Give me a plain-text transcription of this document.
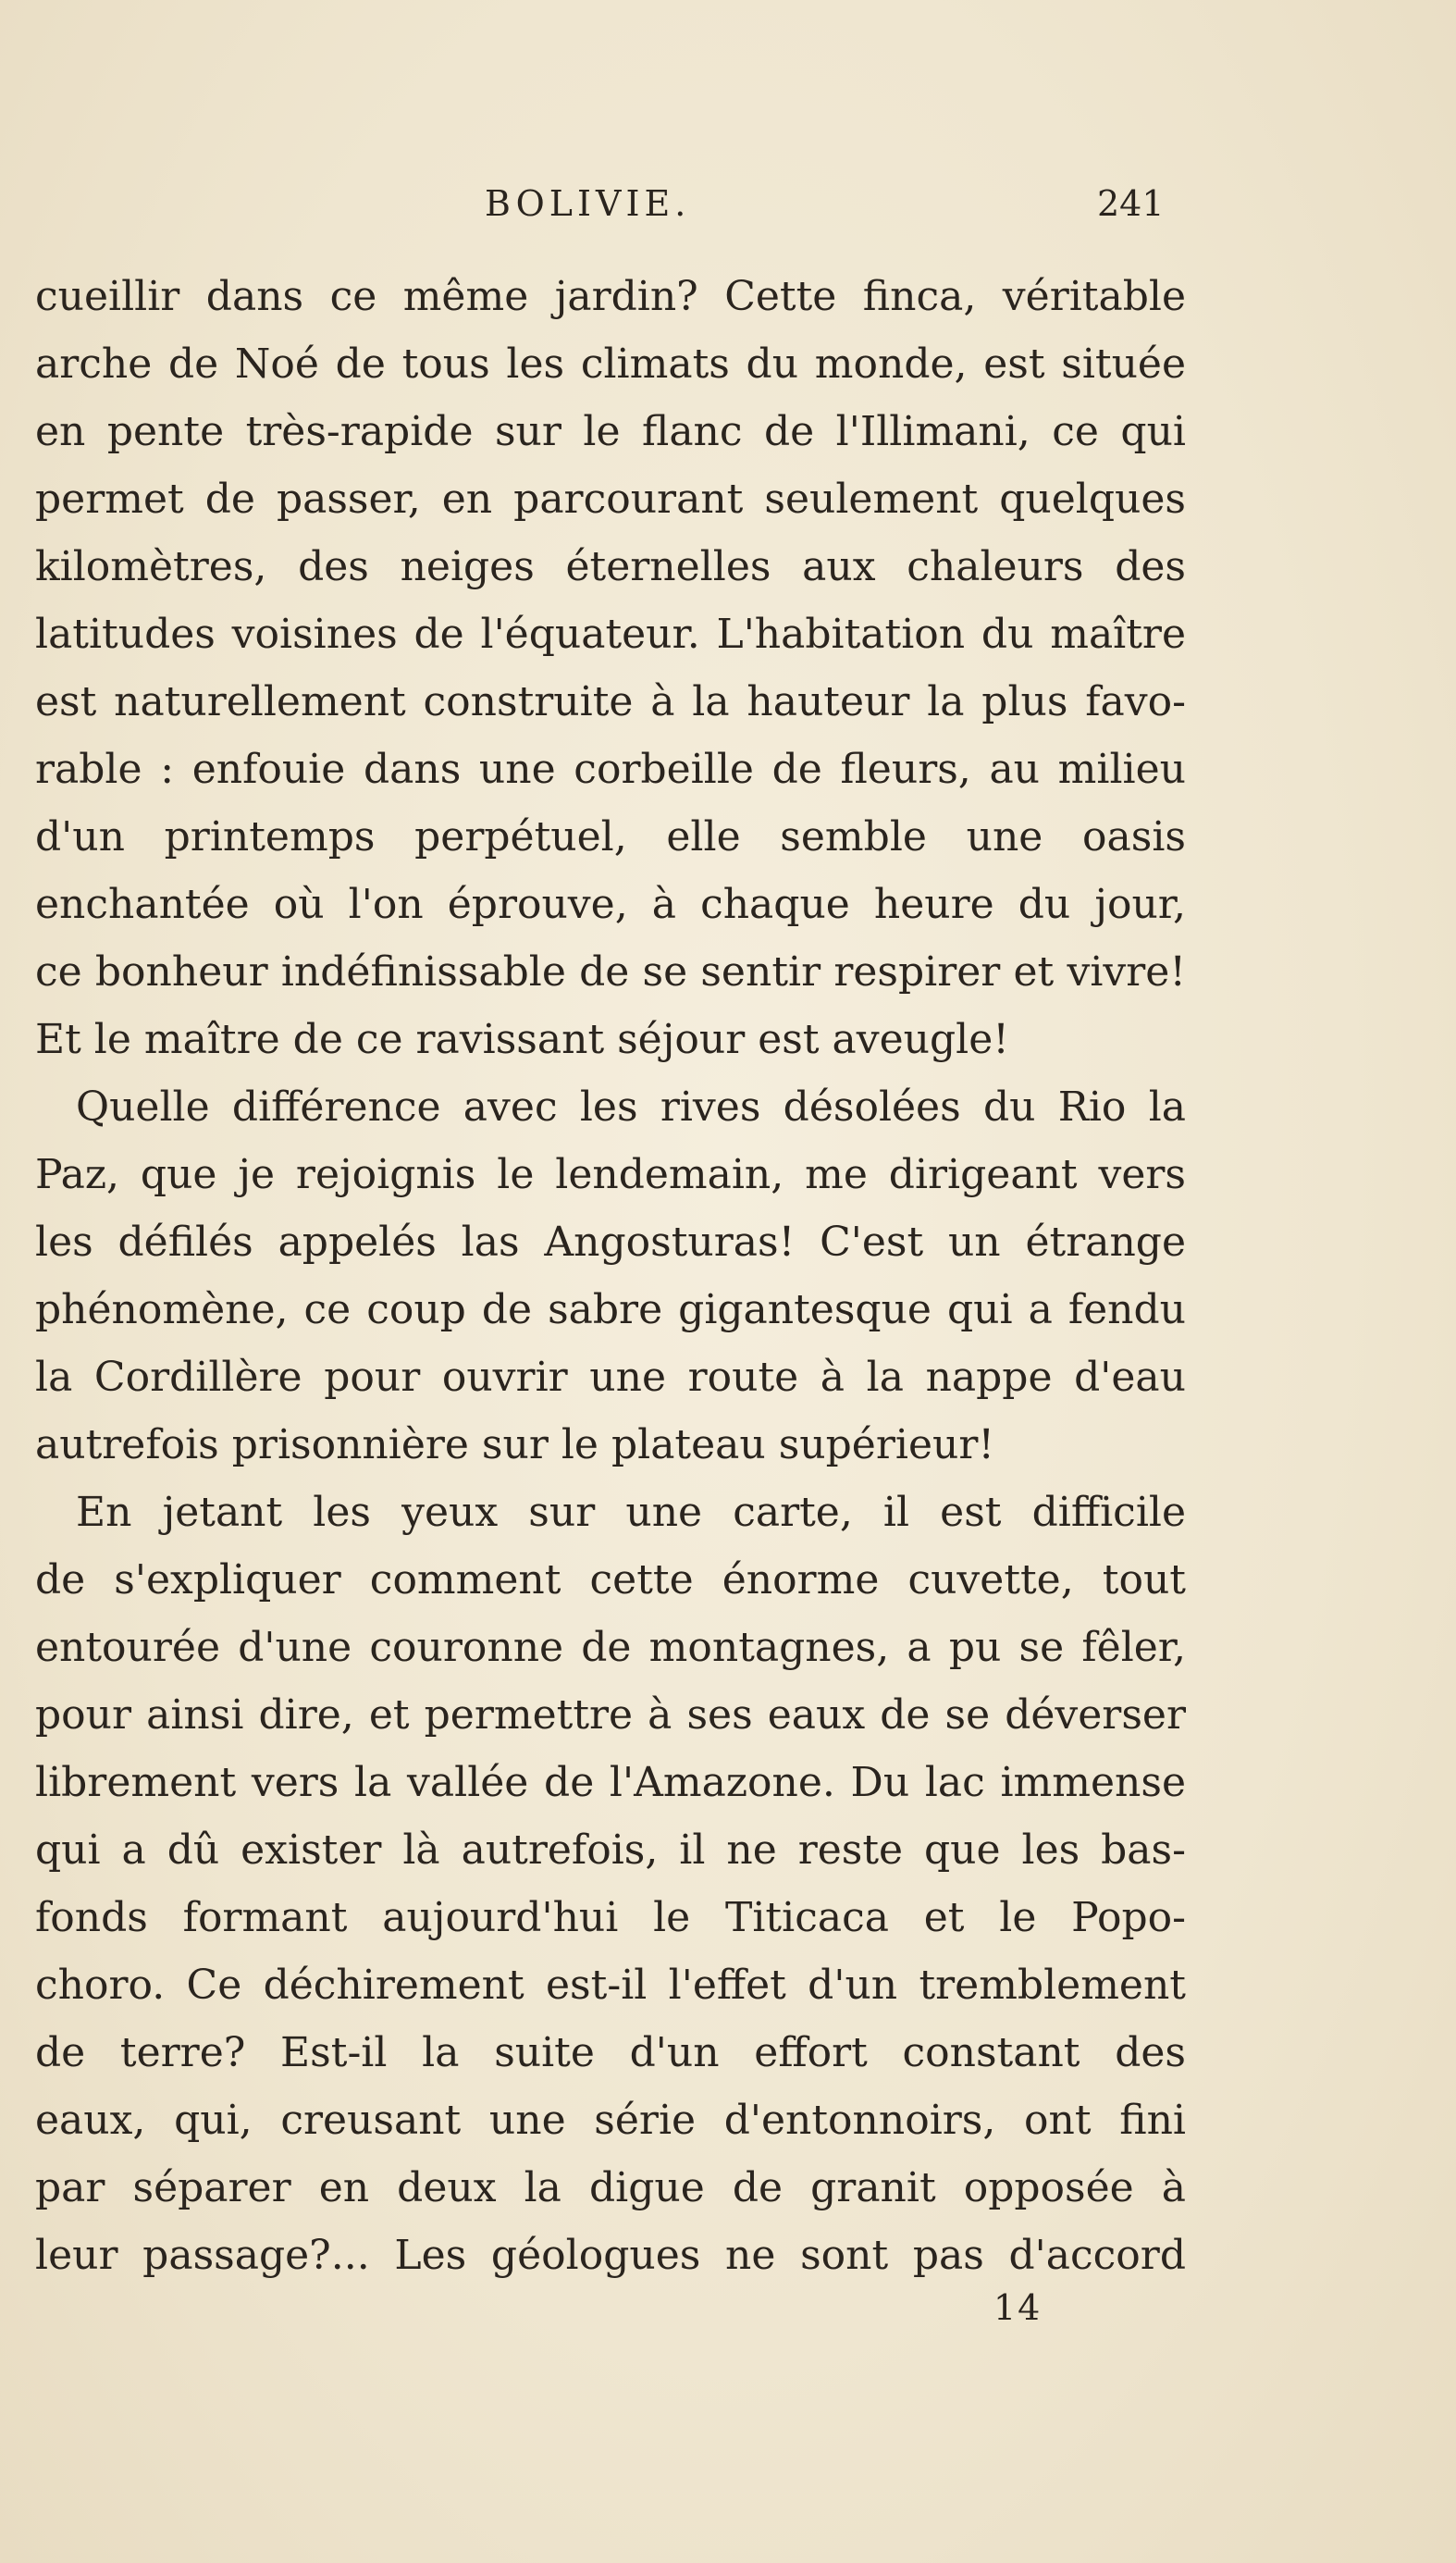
BOLIVIE.	241
cueillir dans ce même jardin? Cette finca, véritable
arche de Noé de tous les climats du monde, est située
en pente très-rapide sur le flanc de l'Illimani, ce qui
permet de passer, en parcourant seulement quelques
kilomètres, des neiges éternelles aux chaleurs des
latitudes voisines de l'équateur. L'habitation du maître
est naturellement construite à la hauteur la plus favo-
rable : enfouie dans une corbeille de fleurs, au milieu
d'un printemps perpétuel, elle semble une oasis
enchantée où l'on éprouve, à chaque heure du jour,
ce bonheur indéfinissable de se sentir respirer et vivre!
Et le maître de ce ravissant séjour est aveugle!
Quelle différence avec les rives désolées du Rio la
Paz, que je rejoignis le lendemain, me dirigeant vers
les défilés appelés las Angosturas! C'est un étrange
phénomène, ce coup de sabre gigantesque qui a fendu
la Cordillère pour ouvrir une route à la nappe d'eau
autrefois prisonnière sur le plateau supérieur!
En jetant les yeux sur une carte, il est difficile
de s'expliquer comment cette énorme cuvette, tout
entourée d'une couronne de montagnes, a pu se fêler,
pour ainsi dire, et permettre à ses eaux de se déverser
librement vers la vallée de l'Amazone. Du lac immense
qui a dû exister là autrefois, il ne reste que les bas-
fonds formant aujourd'hui le Titicaca et le Popo-
choro. Ce déchirement est-il l'effet d'un tremblement
de terre? Est-il la suite d'un effort constant des
eaux, qui, creusant une série d'entonnoirs, ont fini
par séparer en deux la digue de granit opposée à
leur passage?... Les géologues ne sont pas d'accord
14
